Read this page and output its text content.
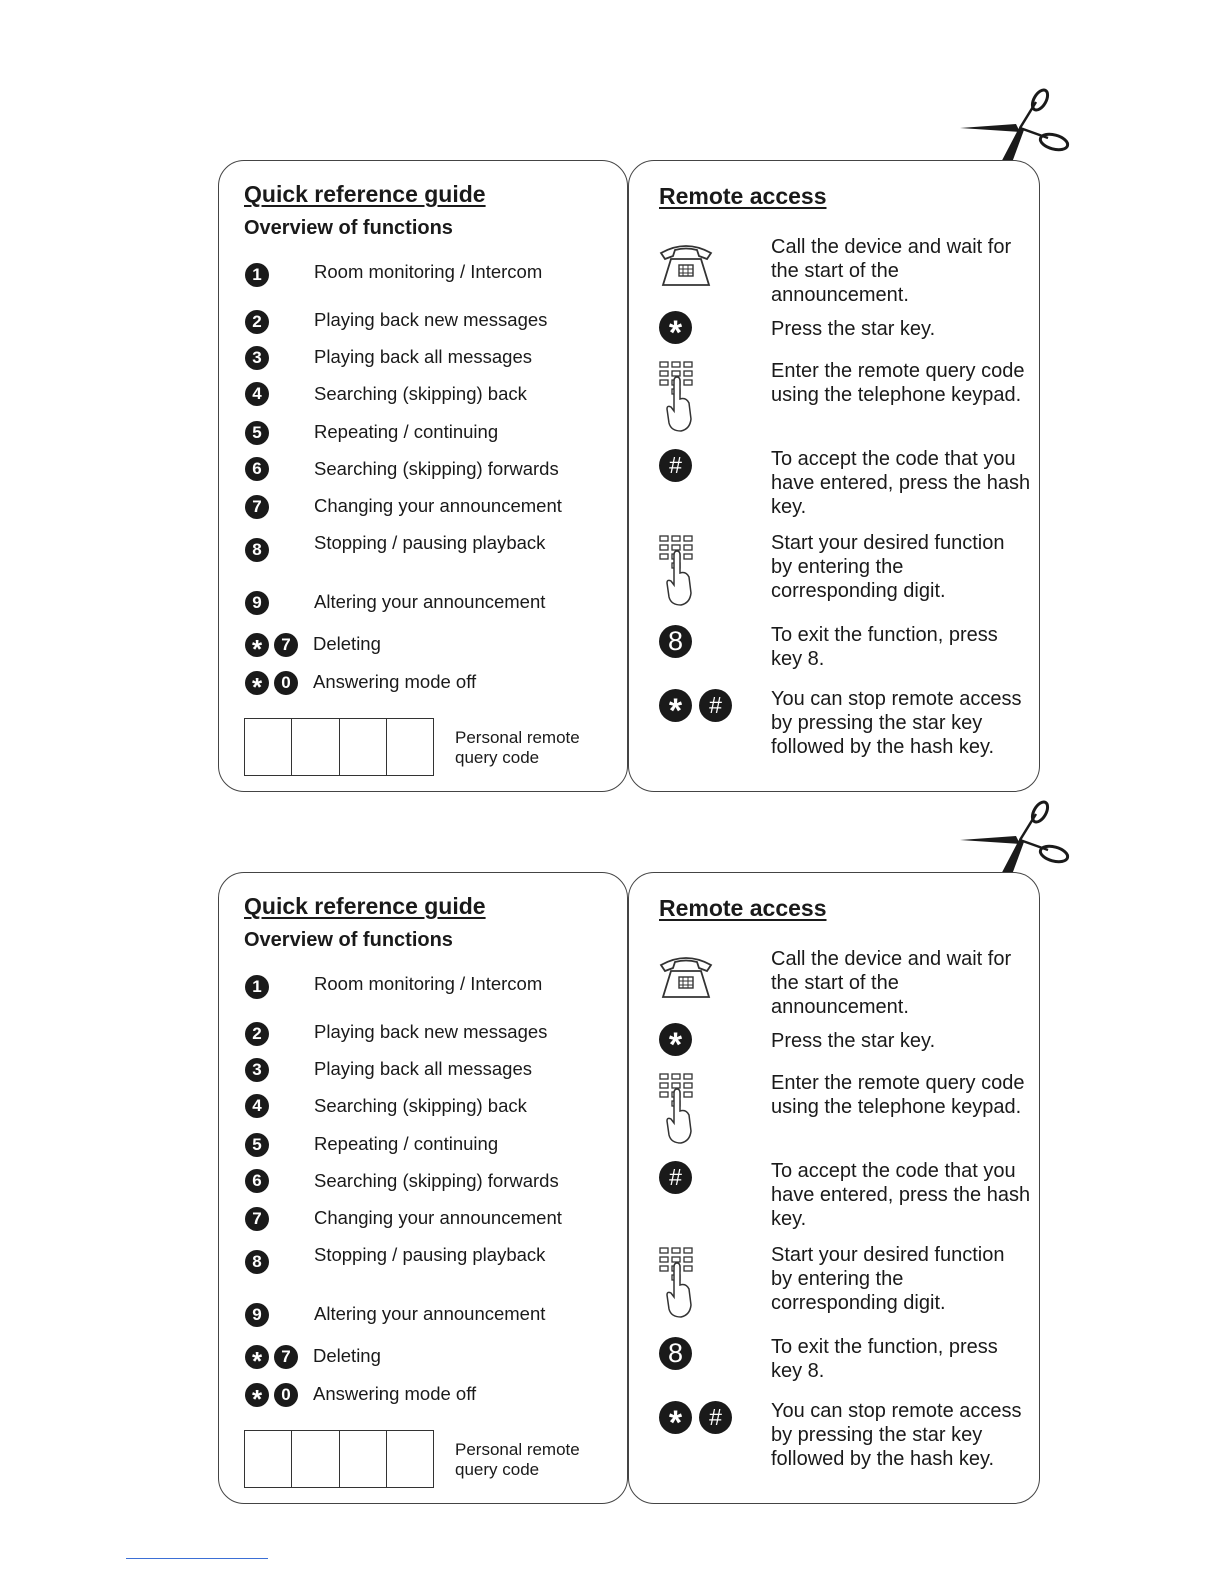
Quick reference guide
Overview of functions
1	Room monitoring / Intercom
2	Playing back new messages
3	Playing back all messages
4	Searching (skipping) back
5	Repeating / continuing
6	Searching (skipping) forwards
7	Changing your announcement
8	Stopping / pausing playback
9	Altering your announcement
*	7	Deleting
*	0	Answering mode off
Personal remote query code
Remote access
Call the device and wait for the start of the announcement.
*	Press the star key.
Enter the remote query code using the telephone keypad.
#	To accept the code that you have entered, press the hash key.
Start your desired function by entering the corresponding digit.
8	To exit the function, press key 8.
*	#	You can stop remote access by pressing the star key followed by the hash key.
Quick reference guide
Overview of functions
1	Room monitoring / Intercom
2	Playing back new messages
3	Playing back all messages
4	Searching (skipping) back
5	Repeating / continuing
6	Searching (skipping) forwards
7	Changing your announcement
8	Stopping / pausing playback
9	Altering your announcement
*	7	Deleting
*	0	Answering mode off
Personal remote query code
Remote access
Call the device and wait for the start of the announcement.
*	Press the star key.
Enter the remote query code using the telephone keypad.
#	To accept the code that you have entered, press the hash key.
Start your desired function by entering the corresponding digit.
8	To exit the function, press key 8.
*	#	You can stop remote access by pressing the star key followed by the hash key.
